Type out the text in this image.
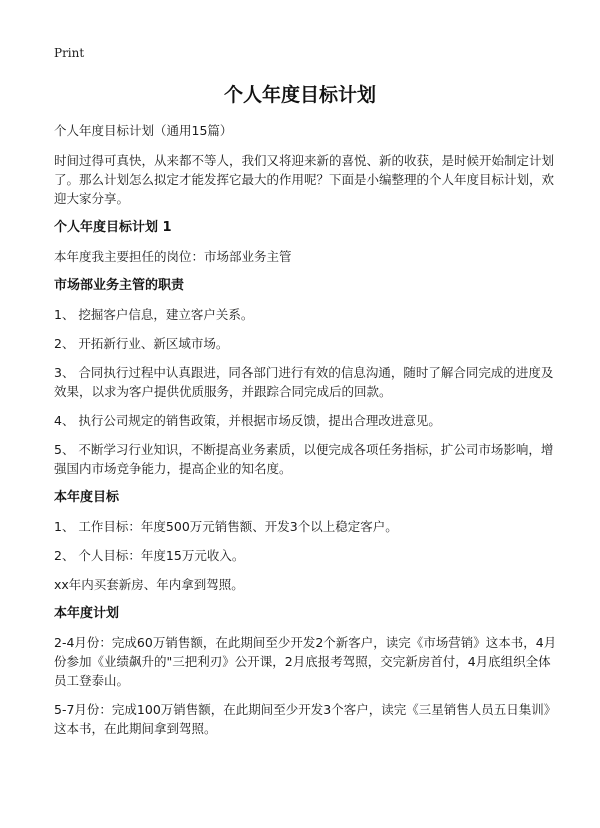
Print
个人年度目标计划

个人年度目标计划（通用15篇）

时间过得可真快，从来都不等人，我们又将迎来新的喜悦、新的收获，是时候开始制定计划了。那么计划怎么拟定才能发挥它最大的作用呢？下面是小编整理的个人年度目标计划，欢迎大家分享。

个人年度目标计划 1

本年度我主要担任的岗位：市场部业务主管

市场部业务主管的职责

1、 挖掘客户信息，建立客户关系。

2、 开拓新行业、新区域市场。

3、 合同执行过程中认真跟进，同各部门进行有效的信息沟通，随时了解合同完成的进度及效果，以求为客户提供优质服务，并跟踪合同完成后的回款。

4、 执行公司规定的销售政策，并根据市场反馈，提出合理改进意见。

5、 不断学习行业知识，不断提高业务素质，以便完成各项任务指标，扩公司市场影响，增强国内市场竞争能力，提高企业的知名度。

本年度目标

1、 工作目标：年度500万元销售额、开发3个以上稳定客户。

2、 个人目标：年度15万元收入。

xx年内买套新房、年内拿到驾照。

本年度计划

2-4月份：完成60万销售额，在此期间至少开发2个新客户，读完《市场营销》这本书，4月份参加《业绩飙升的"三把利刃》公开课，2月底报考驾照，交完新房首付，4月底组织全体员工登泰山。

5-7月份：完成100万销售额，在此期间至少开发3个客户，读完《三星销售人员五日集训》这本书，在此期间拿到驾照。
